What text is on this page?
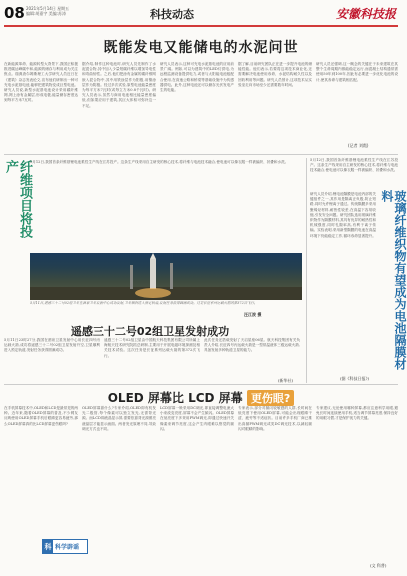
08 2021年5月14日 星期五
编辑:胡嘉宇 美编:苏涛	科技动态	安徽科技报
既能发电又能储电的水泥问世
在新能源革命、能源转型大背景下,我国正积极推进碳达峰碳中和,能源的储存与利用成为关注焦点。瑞典查尔姆斯理工大学研究人员近日在《建筑》杂志发表论文,宣布他们研制出一种可充电水泥基电池,能够把建筑物变成巨型电池。研究人员说,新型水泥基电池设计采用碳纤维网,网上涂有金属层,形成电极,能量储存密度达到每平方米7瓦时。
据介绍,制作这种电池时,研究人员先制作了水泥混合物,其中加入少量短碳纤维以增加导电性和弯曲韧性。之后,他们把涂有金属的碳纤维网嵌入混合物中,其中用铁涂层作为阳极,用镍涂层作为阴极。经过多次试验,原型电池能量密度为每平方米7瓦时(或每立方米0.8千瓦时)。研究人员表示,虽然与商用电池相比能量密度偏低,但如果应用于建筑,其巨大体积可弥补这一不足。
研究人员表示,这种可充电水泥基电池的应用前景广阔。例如,可以为建筑中的LED灯供电,为远程监测设备提供电力,或者与太阳能电池板配合使用,在高速公路和桥梁等基础设施中为传感器供电。此外,这种电池还可以储存光伏发电产生的电能。
据了解,目前研究团队正在进一步提升电池的储能性能。他们表示,若要将这项技术商业化,还需要解决电池使用寿命、水泥结构耐久性以及回收利用等问题。研究人员预计,这项技术从实验室走向市场至少还需要数年时间。
研究人员还强调,这一概念的关键在于未来建筑在其整个生命周期内都能稳定运行,而混凝土结构通常需使用50年到100年,因此有必要进一步优化电池的设计,使其寿命与建筑相匹配。
(记者 刘霞)
纤维项目将投产	5月12日,我国首条纤维基锂电池柔性生产线在江苏投产。这条生产线采用自主研发的核心技术,将纤维与电池技术融合,使电池可以像衣服一样被编织、折叠和水洗。
5月11日,遥感三十二号02组卫星在酒泉卫星发射中心成功发射,卫星顺利进入预定轨道,发射任务获得圆满成功。这是长征系列运载火箭的第372次飞行。
汪江波 摄
遥感三十二号02组卫星发射成功
5月11日23时27分,我国在酒泉卫星发射中心用长征四号丙运载火箭,成功将遥感三十二号02组卫星发射升空,卫星顺利进入预定轨道,发射任务获得圆满成功。
遥感三十二号02组卫星由中国航天科技集团有限公司所属上海航天技术研究院抓总研制,主要用于开展电磁环境探测及相关技术试验。这次任务是长征系列运载火箭的第372次飞行。
此次任务还搭载发射了天启星座06星。航天科技集团有关负责人介绍,长征四号丙运载火箭是一型常温液体三级运载火箭,具备发射多种轨道卫星的能力。
(新华社)
5月12日,我国首条纤维基锂电池柔性生产线在江苏投产。这条生产线采用自主研发的核心技术,将纤维与电池技术融合,使电池可以像衣服一样被编织、折叠和水洗。
玻璃纤维织物有望成为电池隔膜材料
研究人员介绍,锂电池隔膜是电池内部的关键组件之一,其作用是隔离正负极,防止短路,同时允许锂离子通过。传统隔膜多采用聚烯烃材料,耐热性较差,在高温下容易收缩,引发安全问题。研究团队选用玻璃纤维织物作为隔膜材料,其具有优异的耐热性和机械强度,同时孔隙率高,有利于离子传输。实验表明,采用新型隔膜的电池在高温环境下仍能稳定工作,循环寿命显著提升。
(据《科技日报》)
OLED 屏幕比 LCD 屏幕 更伤眼?
在手机屏幕技术中,OLED和LCD是最常见的两种。近年来,随着OLED屏幕的普及,不少网友反映使用OLED屏幕手机后眼睛更容易疲劳,那么OLED屏幕真的比LCD屏幕更伤眼吗?
OLED屏幕靠什么?专家介绍,OLED即有机发光二极管,每个像素可以独立发光,无需背光源。而LCD即液晶显示屏,需要依靠背光源照亮液晶层才能显示画面。两者发光原理不同,导致调光方式也不同。
LCD屏幕一般采用DC调光,即直接调整电流大小来改变亮度,屏幕不会产生频闪。OLED屏幕在低亮度下多采用PWM调光,即通过快速开关像素来调节亮度,这会产生肉眼难以察觉的频闪。
专家表示,部分对频闪较敏感的人群,长时间在低亮度下使用OLED屏幕,可能会出现眼睛干涩、疲劳等不适症状。目前许多手机厂商已推出高频PWM调光或类DC调光技术,以减轻频闪对眼睛的影响。
专家建议,无论使用哪种屏幕,都应注意科学用眼,避免长时间连续使用手机,适当调节屏幕亮度,保持良好的用眼习惯,才是保护视力的关键。
(文 科普)
科 科学辟谣
